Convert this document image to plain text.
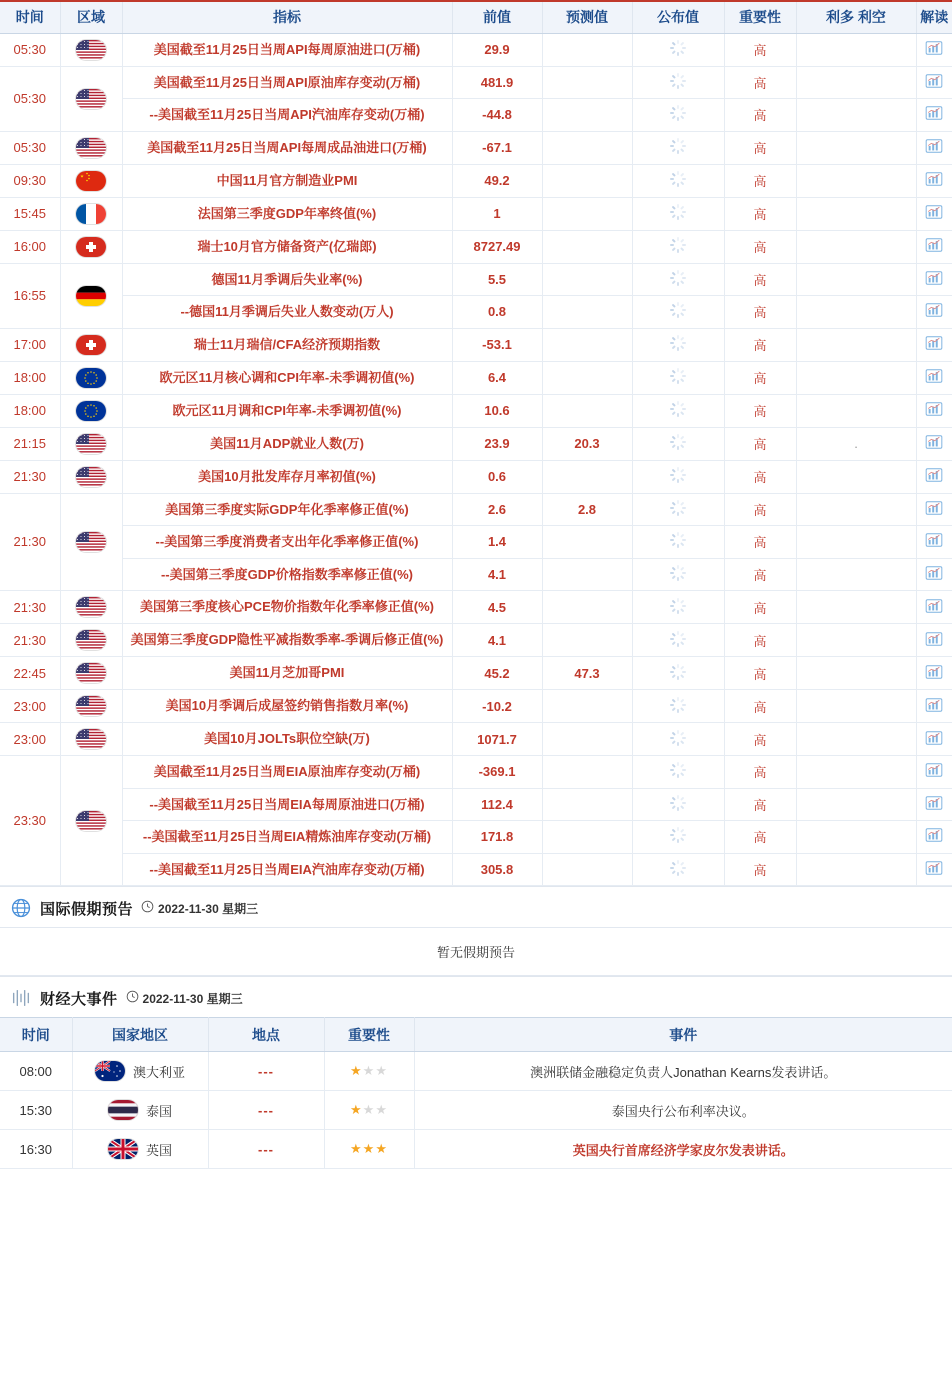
时间	区域	指标	前值	预测值	公布值	重要性	利多 利空	解读
05:30		美国截至11月25日当周API每周原油进口(万桶)	29.9			高		
05:30		美国截至11月25日当周API原油库存变动(万桶)	481.9			高		
		--美国截至11月25日当周API汽油库存变动(万桶)	-44.8			高		
05:30		美国截至11月25日当周API每周成品油进口(万桶)	-67.1			高		
09:30		中国11月官方制造业PMI	49.2			高		
15:45		法国第三季度GDP年率终值(%)	1			高		
16:00		瑞士10月官方储备资产(亿瑞郎)	8727.49			高		
16:55		德国11月季调后失业率(%)	5.5			高		
		--德国11月季调后失业人数变动(万人)	0.8			高		
17:00		瑞士11月瑞信/CFA经济预期指数	-53.1			高		
18:00		欧元区11月核心调和CPI年率-未季调初值(%)	6.4			高		
18:00		欧元区11月调和CPI年率-未季调初值(%)	10.6			高		
21:15		美国11月ADP就业人数(万)	23.9	20.3		高	.	
21:30		美国10月批发库存月率初值(%)	0.6			高		
21:30		美国第三季度实际GDP年化季率修正值(%)	2.6	2.8		高		
		--美国第三季度消费者支出年化季率修正值(%)	1.4			高		
		--美国第三季度GDP价格指数季率修正值(%)	4.1			高		
21:30		美国第三季度核心PCE物价指数年化季率修正值(%)	4.5			高		
21:30		美国第三季度GDP隐性平减指数季率-季调后修正值(%)	4.1			高		
22:45		美国11月芝加哥PMI	45.2	47.3		高		
23:00		美国10月季调后成屋签约销售指数月率(%)	-10.2			高		
23:00		美国10月JOLTs职位空缺(万)	1071.7			高		
23:30		美国截至11月25日当周EIA原油库存变动(万桶)	-369.1			高		
		--美国截至11月25日当周EIA每周原油进口(万桶)	112.4			高		
		--美国截至11月25日当周EIA精炼油库存变动(万桶)	171.8			高		
		--美国截至11月25日当周EIA汽油库存变动(万桶)	305.8			高		
国际假期预告 2022-11-30 星期三
暂无假期预告
财经大事件 2022-11-30 星期三
时间	国家地区	地点	重要性	事件
08:00	澳大利亚	---	★★★	澳洲联储金融稳定负责人Jonathan Kearns发表讲话。
15:30	泰国	---	★★★	泰国央行公布利率决议。
16:30	英国	---	★★★	英国央行首席经济学家皮尔发表讲话。
